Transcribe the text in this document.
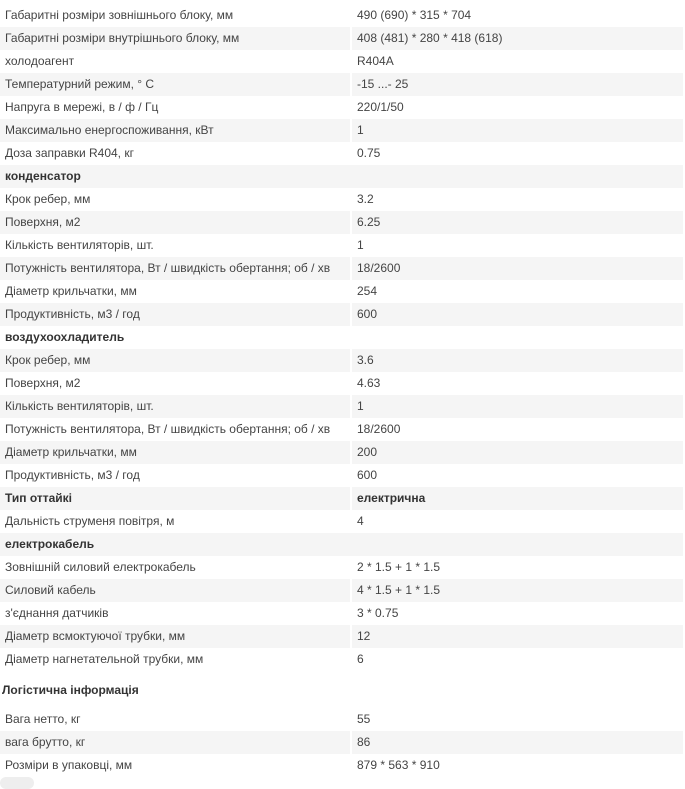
Габаритні розміри зовнішнього блоку, мм	490 (690) * 315 * 704
Габаритні розміри внутрішнього блоку, мм	408 (481) * 280 * 418 (618)
холодоагент	R404A
Температурний режим, ° С	-15 ...- 25
Напруга в мережі, в / ф / Гц	220/1/50
Максимально енергоспоживання, кВт	1
Доза заправки R404, кг	0.75
конденсатор	
Крок ребер, мм	3.2
Поверхня, м2	6.25
Кількість вентиляторів, шт.	1
Потужність вентилятора, Вт / швидкість обертання; об / хв	18/2600
Діаметр крильчатки, мм	254
Продуктивність, м3 / год	600
воздухоохладитель	
Крок ребер, мм	3.6
Поверхня, м2	4.63
Кількість вентиляторів, шт.	1
Потужність вентилятора, Вт / швидкість обертання; об / хв	18/2600
Діаметр крильчатки, мм	200
Продуктивність, м3 / год	600
Тип оттайкі	електрична
Дальність струменя повітря, м	4
електрокабель	
Зовнішній силовий електрокабель	2 * 1.5 + 1 * 1.5
Силовий кабель	4 * 1.5 + 1 * 1.5
з'єднання датчиків	3 * 0.75
Діаметр всмоктуючої трубки, мм	12
Діаметр нагнетательной трубки, мм	6
Логістична інформація
Вага нетто, кг	55
вага брутто, кг	86
Розміри в упаковці, мм	879 * 563 * 910
